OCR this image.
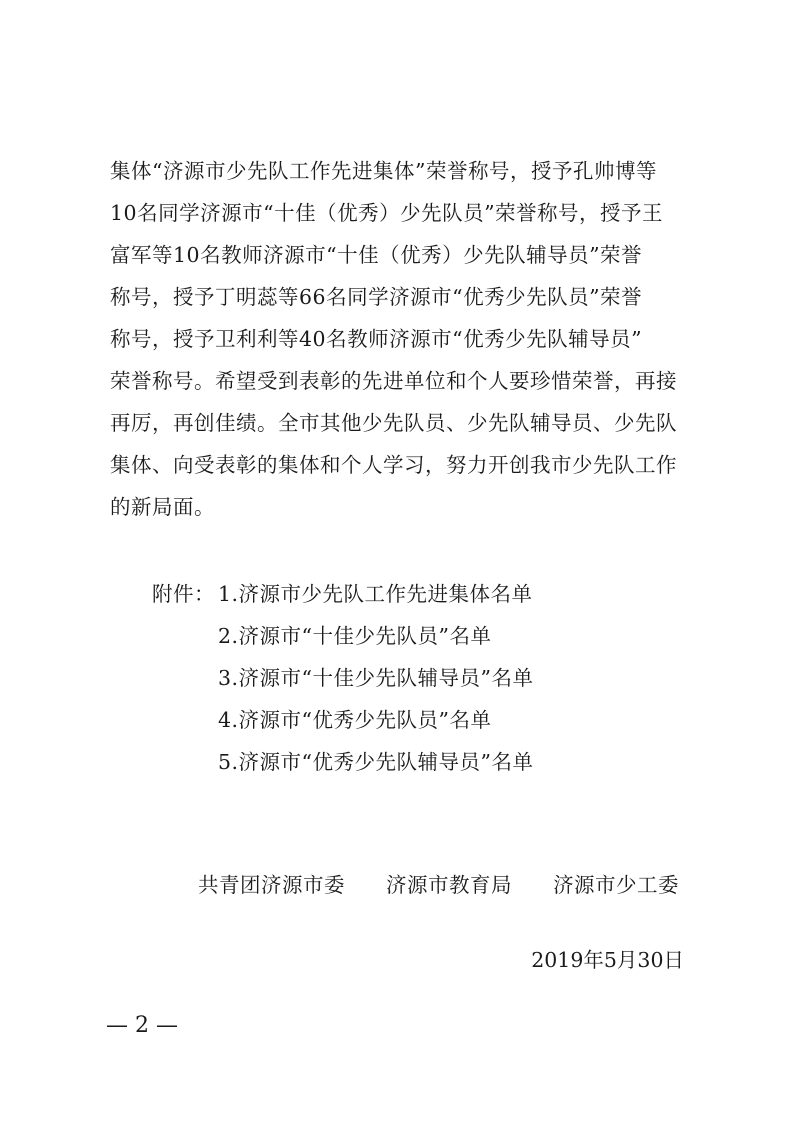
集体“济源市少先队工作先进集体”荣誉称号，授予孔帅博等
10名同学济源市“十佳（优秀）少先队员”荣誉称号，授予王
富军等10名教师济源市“十佳（优秀）少先队辅导员”荣誉
称号，授予丁明蕊等66名同学济源市“优秀少先队员”荣誉
称号，授予卫利利等40名教师济源市“优秀少先队辅导员”
荣誉称号。希望受到表彰的先进单位和个人要珍惜荣誉，再接
再厉，再创佳绩。全市其他少先队员、少先队辅导员、少先队
集体、向受表彰的集体和个人学习，努力开创我市少先队工作
的新局面。
附件： 1.济源市少先队工作先进集体名单
2.济源市“十佳少先队员”名单
3.济源市“十佳少先队辅导员”名单
4.济源市“优秀少先队员”名单
5.济源市“优秀少先队辅导员”名单
共青团济源市委 济源市教育局 济源市少工委
2019年5月30日
— 2 —
